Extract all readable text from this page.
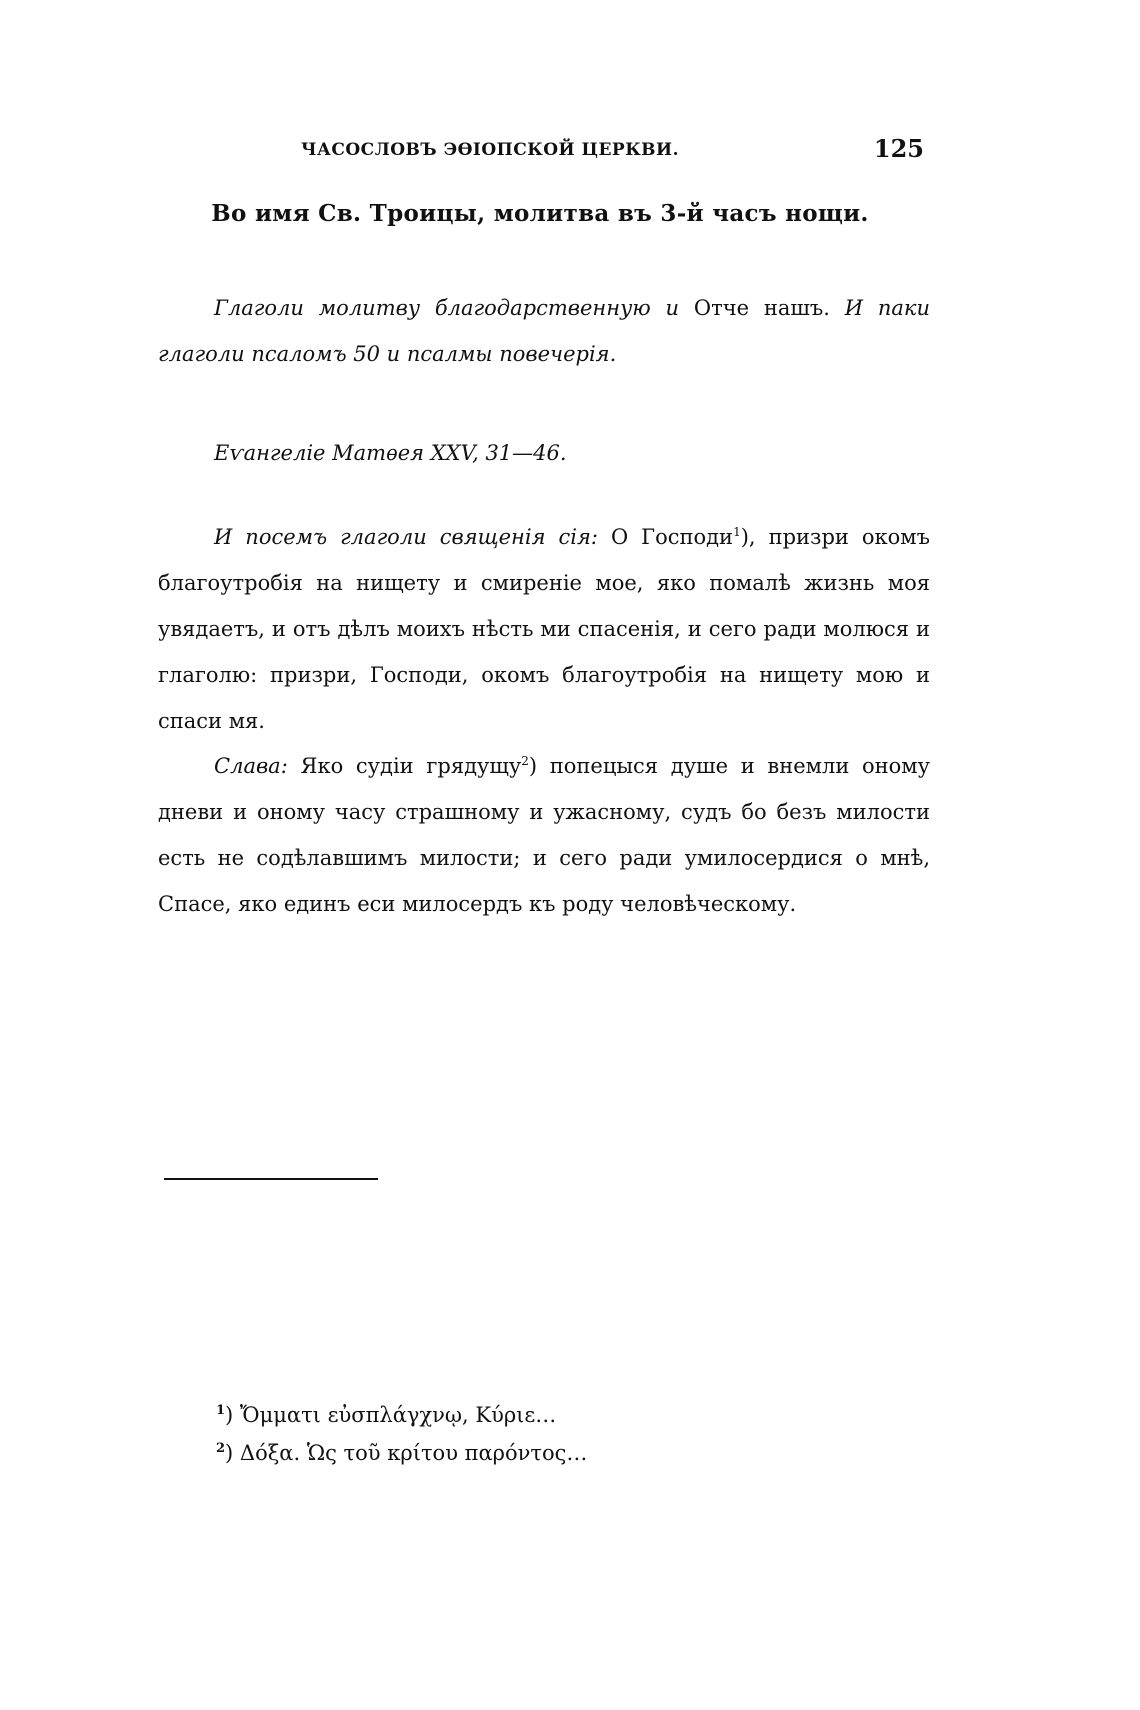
ЧАСОСЛОВЪ ЭѲІОПСКОЙ ЦЕРКВИ.	125
Во имя Св. Троицы, молитва въ 3-й часъ нощи.

Глаголи молитву благодарственную и Отче нашъ. И паки глаголи псаломъ 50 и псалмы повечерія.

Еѵангеліе Матѳея XXV, 31—46.

И посемъ глаголи священія сія: О Господи$^1$), призри окомъ благоутробія на нищету и смиреніе мое, яко помалѣ жизнь моя увядаетъ, и отъ дѣлъ моихъ нѣсть ми спасенія, и сего ради молюся и глаголю: призри, Господи, окомъ благоутробія на нищету мою и спаси мя.

Слава: Яко судіи грядущу$^2$) попецыся душе и внемли оному дневи и оному часу страшному и ужасному, судъ бо безъ милости есть не содѣлавшимъ милости; и сего ради умилосердися о мнѣ, Спасе, яко единъ еси милосердъ къ роду человѣческому.

$^1$) Ὄμματι εὐσπλάγχνῳ, Κύριε…
$^2$) Δόξα. Ὡς τοῦ κρίτου παρόντος…
